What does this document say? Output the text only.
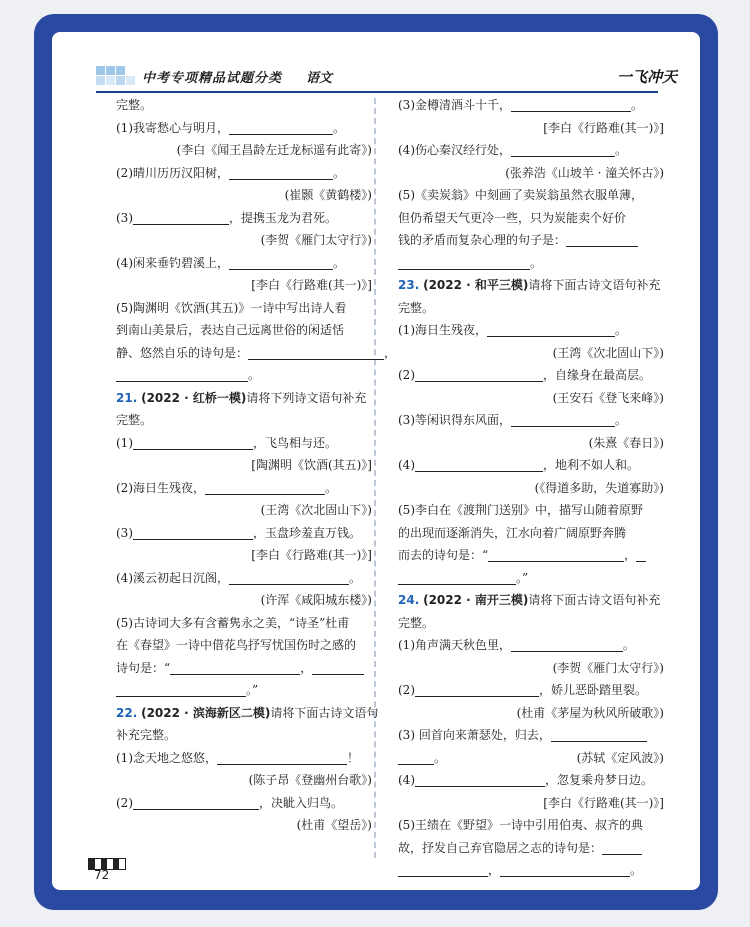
中考专项精品试题分类 语文	一飞冲天
完整。
(1)我寄愁心与明月，	。
(李白《闻王昌龄左迁龙标遥有此寄》)
(2)晴川历历汉阳树，	。
(崔颢《黄鹤楼》)
(3)	，提携玉龙为君死。
(李贺《雁门太守行》)
(4)闲来垂钓碧溪上，	。
[李白《行路难(其一)》]
(5)陶渊明《饮酒(其五)》一诗中写出诗人看
到南山美景后，表达自己远离世俗的闲适恬
静、悠然自乐的诗句是：	，
。
21. (2022 · 红桥一模)请将下列诗文语句补充
完整。
(1)	，飞鸟相与还。
[陶渊明《饮酒(其五)》]
(2)海日生残夜，	。
(王湾《次北固山下》)
(3)	，玉盘珍羞直万钱。
[李白《行路难(其一)》]
(4)溪云初起日沉阁，	。
(许浑《咸阳城东楼》)
(5)古诗词大多有含蓄隽永之美，“诗圣”杜甫
在《春望》一诗中借花鸟抒写忧国伤时之感的
诗句是：“	，
。”
22. (2022 · 滨海新区二模)请将下面古诗文语句
补充完整。
(1)念天地之悠悠，	！
(陈子昂《登幽州台歌》)
(2)	，决眦入归鸟。
(杜甫《望岳》)
(3)金樽清酒斗十千，	。
[李白《行路难(其一)》]
(4)伤心秦汉经行处，	。
(张养浩《山坡羊 · 潼关怀古》)
(5)《卖炭翁》中刻画了卖炭翁虽然衣服单薄，
但仍希望天气更冷一些，只为炭能卖个好价
钱的矛盾而复杂心理的句子是：
。
23. (2022 · 和平三模)请将下面古诗文语句补充
完整。
(1)海日生残夜，	。
(王湾《次北固山下》)
(2)	，自缘身在最高层。
(王安石《登飞来峰》)
(3)等闲识得东风面，	。
(朱熹《春日》)
(4)	，地利不如人和。
(《得道多助，失道寡助》)
(5)李白在《渡荆门送别》中，描写山随着原野
的出现而逐渐消失，江水向着广阔原野奔腾
而去的诗句是：“	，
。”
24. (2022 · 南开三模)请将下面古诗文语句补充
完整。
(1)角声满天秋色里，	。
(李贺《雁门太守行》)
(2)	，娇儿恶卧踏里裂。
(杜甫《茅屋为秋风所破歌》)
(3) 回首向来萧瑟处，归去，
。	(苏轼《定风波》)
(4)	，忽复乘舟梦日边。
[李白《行路难(其一)》]
(5)王绩在《野望》一诗中引用伯夷、叔齐的典
故，抒发自己弃官隐居之志的诗句是：
，	。
72
